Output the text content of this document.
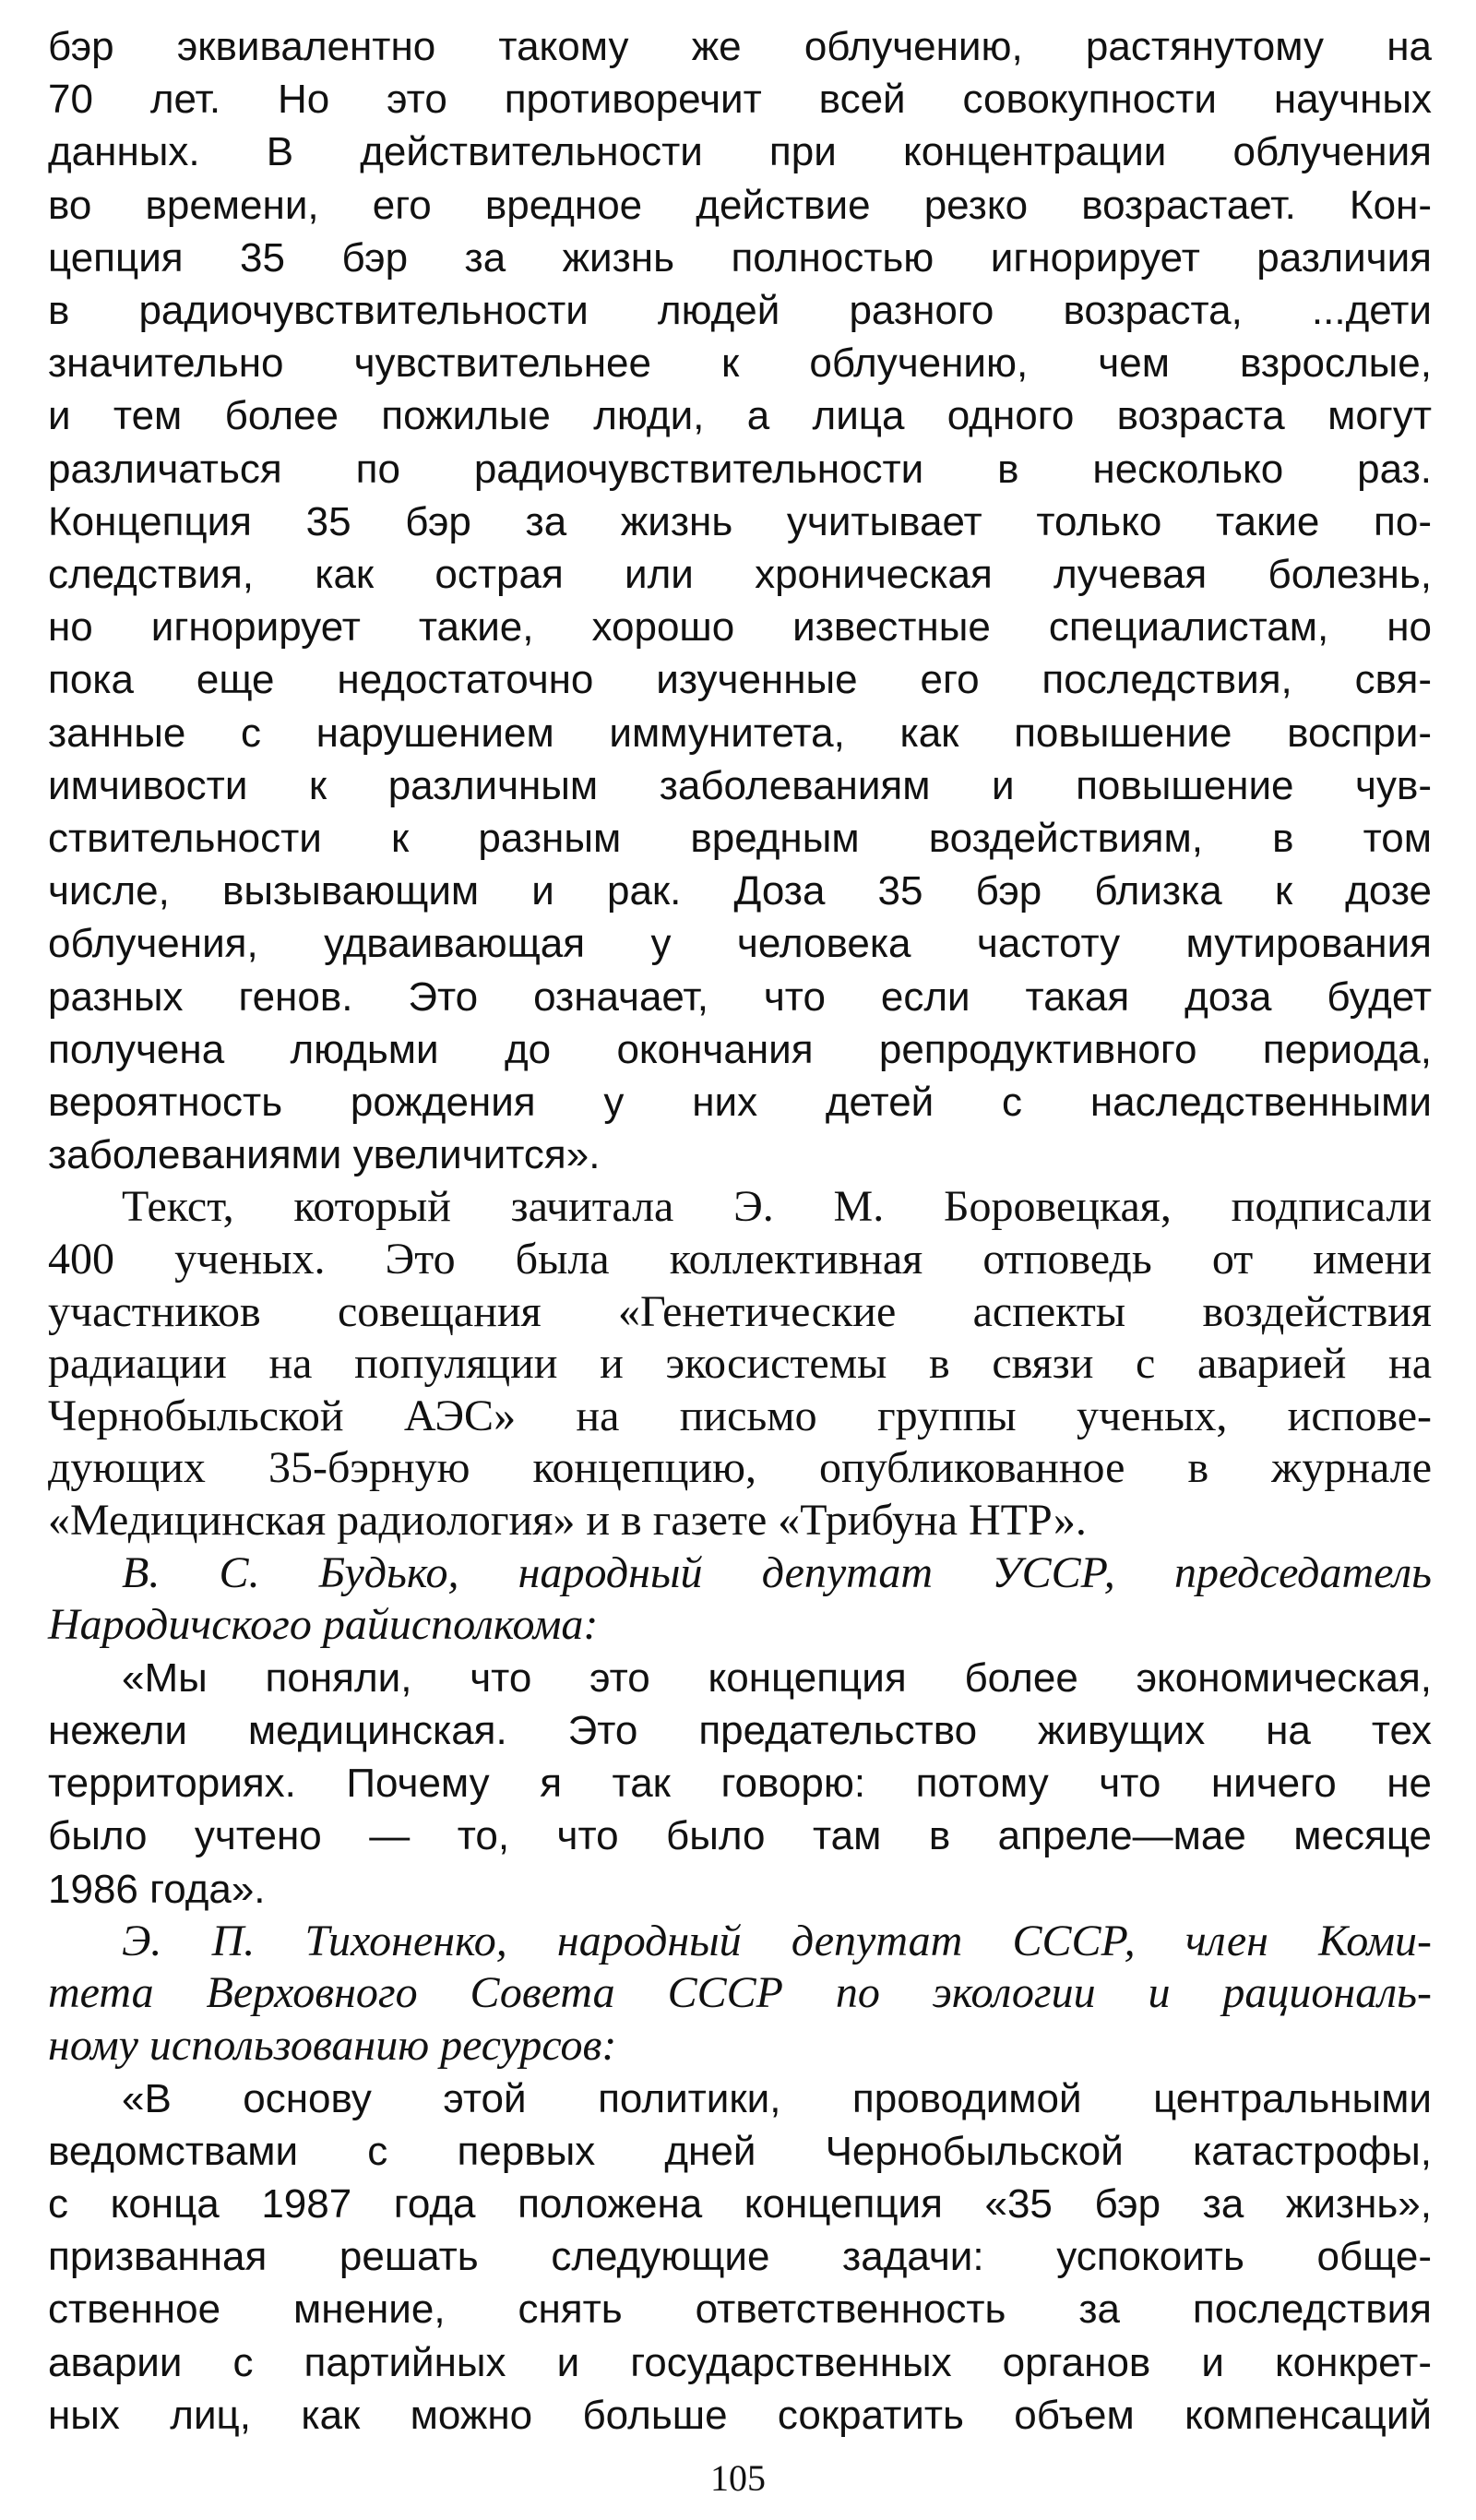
бэр эквивалентно такому же облучению, растянутому на
70 лет. Но это противоречит всей совокупности научных
данных. В действительности при концентрации облучения
во времени, его вредное действие резко возрастает. Кон-
цепция 35 бэр за жизнь полностью игнорирует различия
в радиочувствительности людей разного возраста, ...дети
значительно чувствительнее к облучению, чем взрослые,
и тем более пожилые люди, а лица одного возраста могут
различаться по радиочувствительности в несколько раз.
Концепция 35 бэр за жизнь учитывает только такие по-
следствия, как острая или хроническая лучевая болезнь,
но игнорирует такие, хорошо известные специалистам, но
пока еще недостаточно изученные его последствия, свя-
занные с нарушением иммунитета, как повышение воспри-
имчивости к различным заболеваниям и повышение чув-
ствительности к разным вредным воздействиям, в том
числе, вызывающим и рак. Доза 35 бэр близка к дозе
облучения, удваивающая у человека частоту мутирования
разных генов. Это означает, что если такая доза будет
получена людьми до окончания репродуктивного периода,
вероятность рождения у них детей с наследственными
заболеваниями увеличится».
Текст, который зачитала Э. М. Боровецкая, подписали
400 ученых. Это была коллективная отповедь от имени
участников совещания «Генетические аспекты воздействия
радиации на популяции и экосистемы в связи с аварией на
Чернобыльской АЭС» на письмо группы ученых, испове-
дующих 35-бэрную концепцию, опубликованное в журнале
«Медицинская радиология» и в газете «Трибуна НТР».
В. С. Будько, народный депутат УССР, председатель
Народичского райисполкома:
«Мы поняли, что это концепция более экономическая,
нежели медицинская. Это предательство живущих на тех
территориях. Почему я так говорю: потому что ничего не
было учтено — то, что было там в апреле—мае месяце
1986 года».
Э. П. Тихоненко, народный депутат СССР, член Коми-
тета Верховного Совета СССР по экологии и рациональ-
ному использованию ресурсов:
«В основу этой политики, проводимой центральными
ведомствами с первых дней Чернобыльской катастрофы,
с конца 1987 года положена концепция «35 бэр за жизнь»,
призванная решать следующие задачи: успокоить обще-
ственное мнение, снять ответственность за последствия
аварии с партийных и государственных органов и конкрет-
ных лиц, как можно больше сократить объем компенсаций
105
